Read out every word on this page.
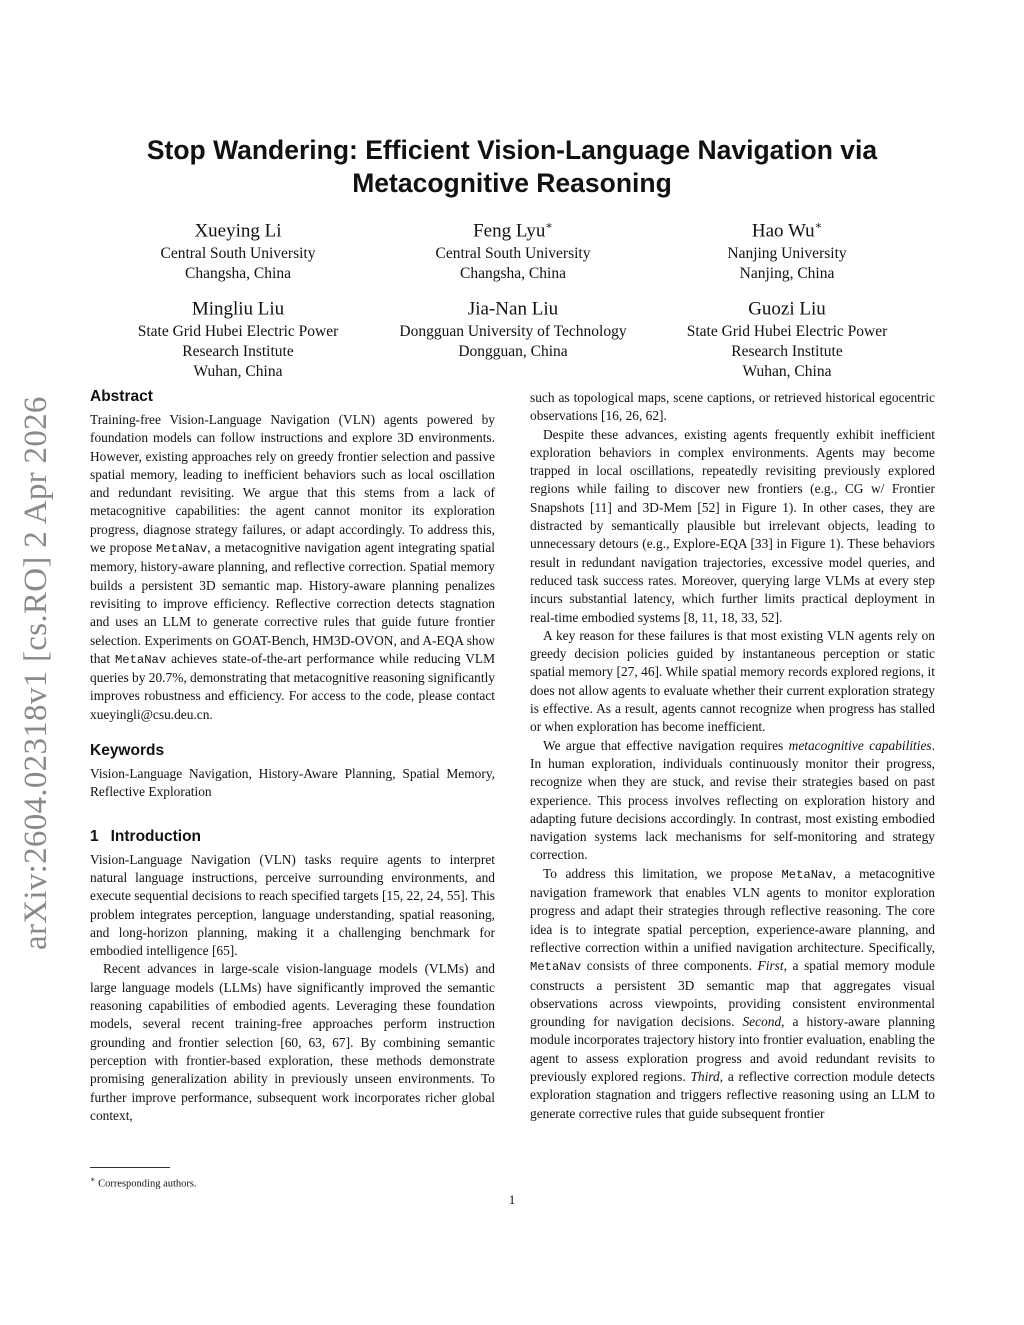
arXiv:2604.02318v1 [cs.RO] 2 Apr 2026
Stop Wandering: Efficient Vision-Language Navigation via
Metacognitive Reasoning
Xueying Li
Central South University
Changsha, China
Feng Lyu∗
Central South University
Changsha, China
Hao Wu∗
Nanjing University
Nanjing, China
Mingliu Liu
State Grid Hubei Electric Power
Research Institute
Wuhan, China
Jia-Nan Liu
Dongguan University of Technology
Dongguan, China
Guozi Liu
State Grid Hubei Electric Power
Research Institute
Wuhan, China
Abstract

Training-free Vision-Language Navigation (VLN) agents powered by foundation models can follow instructions and explore 3D environments. However, existing approaches rely on greedy frontier selection and passive spatial memory, leading to inefficient behaviors such as local oscillation and redundant revisiting. We argue that this stems from a lack of metacognitive capabilities: the agent cannot monitor its exploration progress, diagnose strategy failures, or adapt accordingly. To address this, we propose MetaNav, a metacognitive navigation agent integrating spatial memory, history-aware planning, and reflective correction. Spatial memory builds a persistent 3D semantic map. History-aware planning penalizes revisiting to improve efficiency. Reflective correction detects stagnation and uses an LLM to generate corrective rules that guide future frontier selection. Experiments on GOAT-Bench, HM3D-OVON, and A-EQA show that MetaNav achieves state-of-the-art performance while reducing VLM queries by 20.7%, demonstrating that metacognitive reasoning significantly improves robustness and efficiency. For access to the code, please contact xueyingli@csu.deu.cn.

Keywords

Vision-Language Navigation, History-Aware Planning, Spatial Memory, Reflective Exploration

1 Introduction

Vision-Language Navigation (VLN) tasks require agents to interpret natural language instructions, perceive surrounding environments, and execute sequential decisions to reach specified targets [15, 22, 24, 55]. This problem integrates perception, language understanding, spatial reasoning, and long-horizon planning, making it a challenging benchmark for embodied intelligence [65].

Recent advances in large-scale vision-language models (VLMs) and large language models (LLMs) have significantly improved the semantic reasoning capabilities of embodied agents. Leveraging these foundation models, several recent training-free approaches perform instruction grounding and frontier selection [60, 63, 67]. By combining semantic perception with frontier-based exploration, these methods demonstrate promising generalization ability in previously unseen environments. To further improve performance, subsequent work incorporates richer global context,

such as topological maps, scene captions, or retrieved historical egocentric observations [16, 26, 62].

Despite these advances, existing agents frequently exhibit inefficient exploration behaviors in complex environments. Agents may become trapped in local oscillations, repeatedly revisiting previously explored regions while failing to discover new frontiers (e.g., CG w/ Frontier Snapshots [11] and 3D-Mem [52] in Figure 1). In other cases, they are distracted by semantically plausible but irrelevant objects, leading to unnecessary detours (e.g., Explore-EQA [33] in Figure 1). These behaviors result in redundant navigation trajectories, excessive model queries, and reduced task success rates. Moreover, querying large VLMs at every step incurs substantial latency, which further limits practical deployment in real-time embodied systems [8, 11, 18, 33, 52].

A key reason for these failures is that most existing VLN agents rely on greedy decision policies guided by instantaneous perception or static spatial memory [27, 46]. While spatial memory records explored regions, it does not allow agents to evaluate whether their current exploration strategy is effective. As a result, agents cannot recognize when progress has stalled or when exploration has become inefficient.

We argue that effective navigation requires metacognitive capabilities. In human exploration, individuals continuously monitor their progress, recognize when they are stuck, and revise their strategies based on past experience. This process involves reflecting on exploration history and adapting future decisions accordingly. In contrast, most existing embodied navigation systems lack mechanisms for self-monitoring and strategy correction.

To address this limitation, we propose MetaNav, a metacognitive navigation framework that enables VLN agents to monitor exploration progress and adapt their strategies through reflective reasoning. The core idea is to integrate spatial perception, experience-aware planning, and reflective correction within a unified navigation architecture. Specifically, MetaNav consists of three components. First, a spatial memory module constructs a persistent 3D semantic map that aggregates visual observations across viewpoints, providing consistent environmental grounding for navigation decisions. Second, a history-aware planning module incorporates trajectory history into frontier evaluation, enabling the agent to assess exploration progress and avoid redundant revisits to previously explored regions. Third, a reflective correction module detects exploration stagnation and triggers reflective reasoning using an LLM to generate corrective rules that guide subsequent frontier

∗ Corresponding authors.
1
